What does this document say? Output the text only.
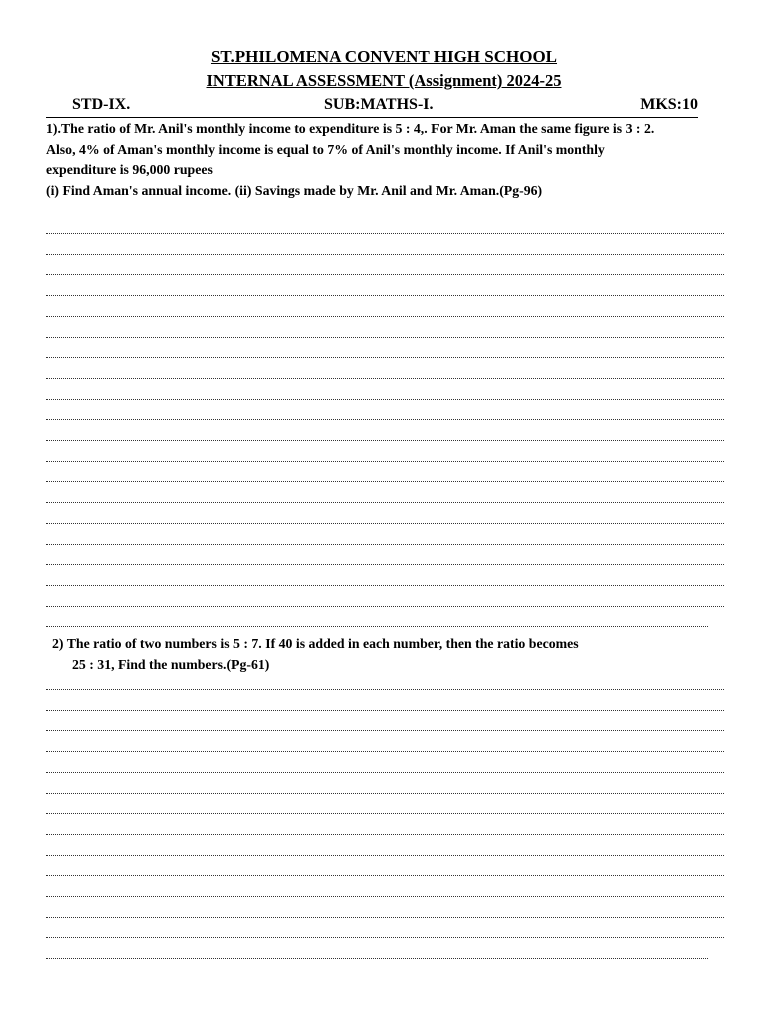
ST.PHILOMENA CONVENT HIGH SCHOOL
INTERNAL ASSESSMENT (Assignment) 2024-25
STD-IX.	SUB:MATHS-I.	MKS:10
1).The ratio of Mr. Anil's monthly income to expenditure is 5 : 4,. For Mr. Aman the same figure is 3 : 2.
Also, 4% of Aman's monthly income is equal to 7% of Anil's monthly income. If Anil's monthly
expenditure is 96,000 rupees
(i) Find Aman's annual income. (ii) Savings made by Mr. Anil and Mr. Aman.(Pg-96)
2) The ratio of two numbers is 5 : 7. If 40 is added in each number, then the ratio becomes
25 : 31, Find the numbers.(Pg-61)
